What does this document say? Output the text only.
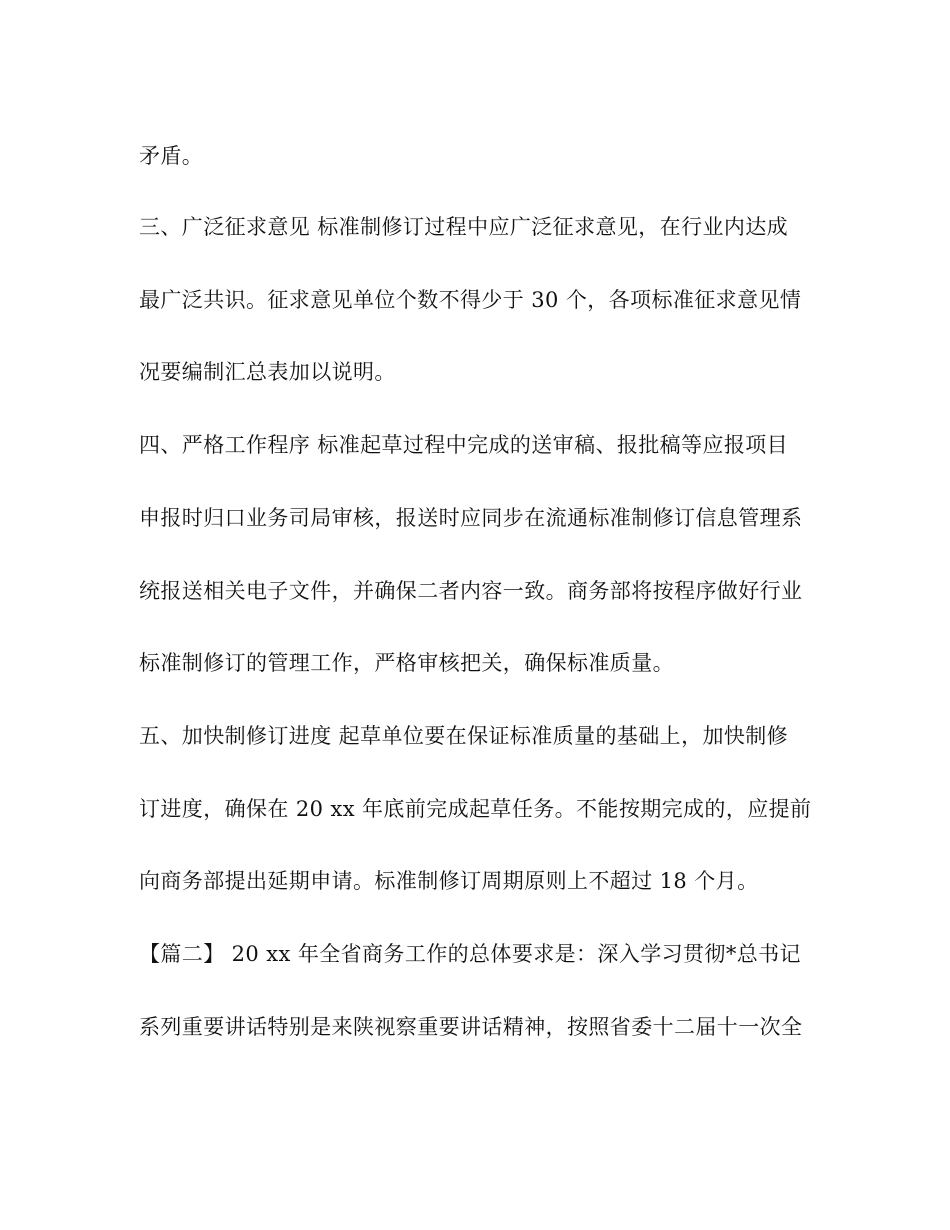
矛盾。
三、广泛征求意见 标准制修订过程中应广泛征求意见，在行业内达成
最广泛共识。征求意见单位个数不得少于 30 个，各项标准征求意见情
况要编制汇总表加以说明。
四、严格工作程序 标准起草过程中完成的送审稿、报批稿等应报项目
申报时归口业务司局审核，报送时应同步在流通标准制修订信息管理系
统报送相关电子文件，并确保二者内容一致。商务部将按程序做好行业
标准制修订的管理工作，严格审核把关，确保标准质量。
五、加快制修订进度 起草单位要在保证标准质量的基础上，加快制修
订进度，确保在 20 xx 年底前完成起草任务。不能按期完成的，应提前
向商务部提出延期申请。标准制修订周期原则上不超过 18 个月。
【篇二】 20 xx 年全省商务工作的总体要求是：深入学习贯彻*总书记
系列重要讲话特别是来陕视察重要讲话精神，按照省委十二届十一次全
